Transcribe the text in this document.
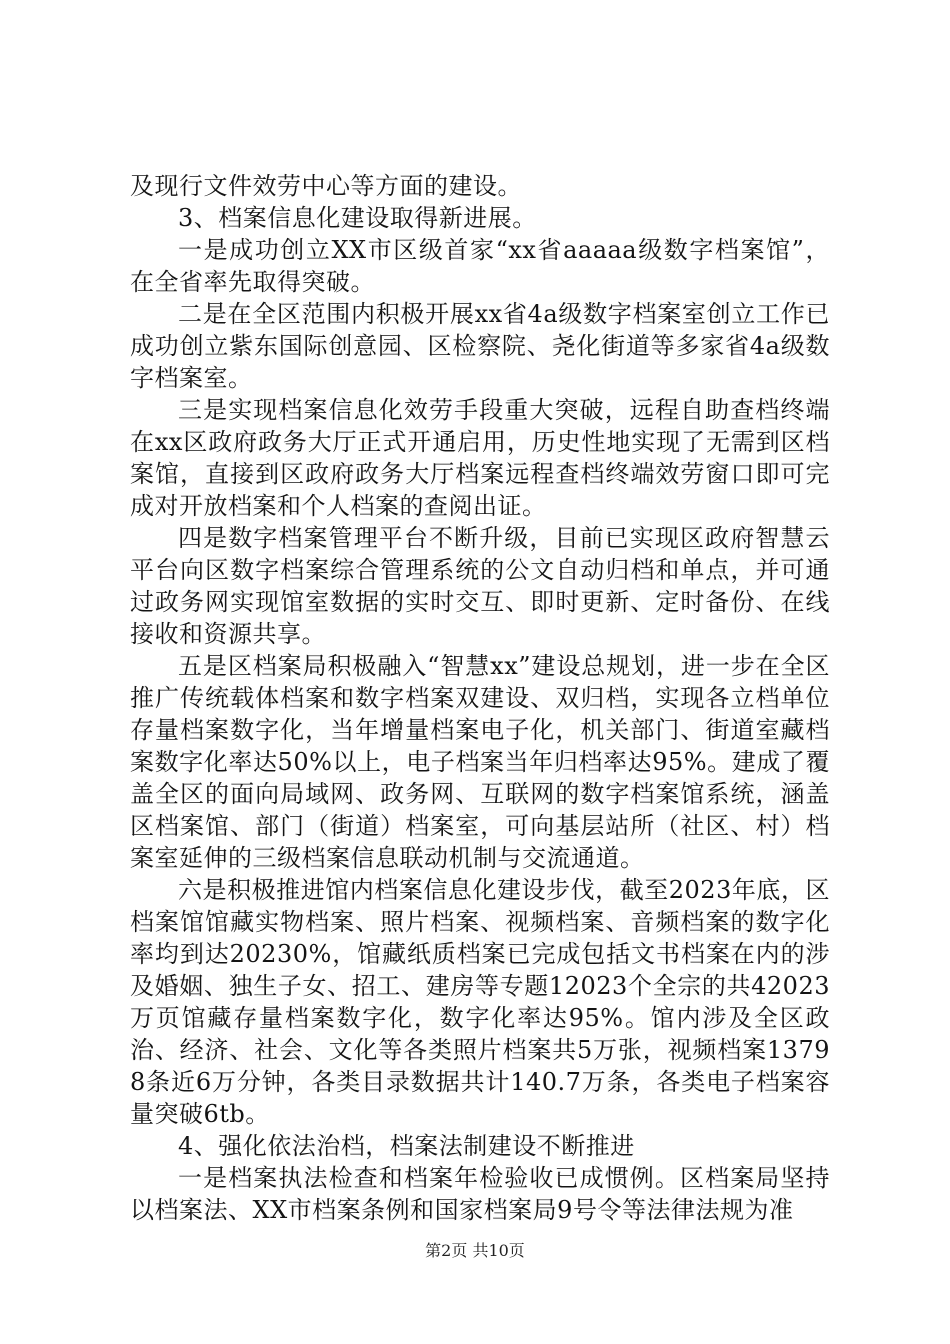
及现行文件效劳中心等方面的建设。

3、档案信息化建设取得新进展。

一是成功创立XX市区级首家“xx省aaaaa级数字档案馆”，在全省率先取得突破。

二是在全区范围内积极开展xx省4a级数字档案室创立工作已成功创立紫东国际创意园、区检察院、尧化街道等多家省4a级数字档案室。

三是实现档案信息化效劳手段重大突破，远程自助查档终端在xx区政府政务大厅正式开通启用，历史性地实现了无需到区档案馆，直接到区政府政务大厅档案远程查档终端效劳窗口即可完成对开放档案和个人档案的查阅出证。

四是数字档案管理平台不断升级，目前已实现区政府智慧云平台向区数字档案综合管理系统的公文自动归档和单点，并可通过政务网实现馆室数据的实时交互、即时更新、定时备份、在线接收和资源共享。

五是区档案局积极融入“智慧xx”建设总规划，进一步在全区推广传统载体档案和数字档案双建设、双归档，实现各立档单位存量档案数字化，当年增量档案电子化，机关部门、街道室藏档案数字化率达50%以上，电子档案当年归档率达95%。建成了覆盖全区的面向局域网、政务网、互联网的数字档案馆系统，涵盖区档案馆、部门（街道）档案室，可向基层站所（社区、村）档案室延伸的三级档案信息联动机制与交流通道。

六是积极推进馆内档案信息化建设步伐，截至2023年底，区档案馆馆藏实物档案、照片档案、视频档案、音频档案的数字化率均到达20230%，馆藏纸质档案已完成包括文书档案在内的涉及婚姻、独生子女、招工、建房等专题12023个全宗的共42023万页馆藏存量档案数字化，数字化率达95%。馆内涉及全区政治、经济、社会、文化等各类照片档案共5万张，视频档案13798条近6万分钟，各类目录数据共计140.7万条，各类电子档案容量突破6tb。

4、强化依法治档，档案法制建设不断推进

一是档案执法检查和档案年检验收已成惯例。区档案局坚持以档案法、XX市档案条例和国家档案局9号令等法律法规为准

第2页 共10页
